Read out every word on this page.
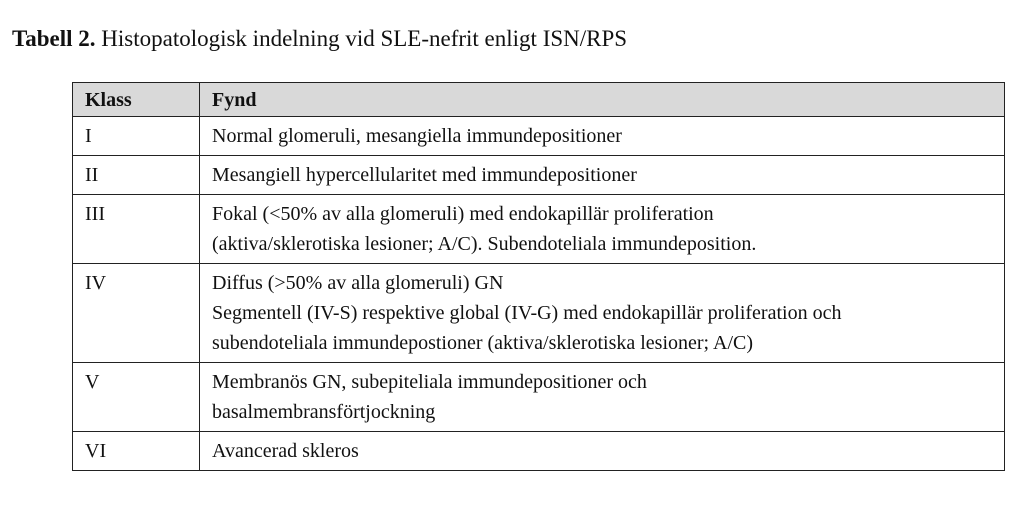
Tabell 2. Histopatologisk indelning vid SLE-nefrit enligt ISN/RPS
Klass	Fynd
I	Normal glomeruli, mesangiella immundepositioner

II	Mesangiell hypercellularitet med immundepositioner

III	Fokal (<50% av alla glomeruli) med endokapillär proliferation
(aktiva/sklerotiska lesioner; A/C). Subendoteliala immundeposition.

IV	Diffus (>50% av alla glomeruli) GN
Segmentell (IV-S) respektive global (IV-G) med endokapillär proliferation och
subendoteliala immundepostioner (aktiva/sklerotiska lesioner; A/C)

V	Membranös GN, subepiteliala immundepositioner och
basalmembransförtjockning

VI	Avancerad skleros
